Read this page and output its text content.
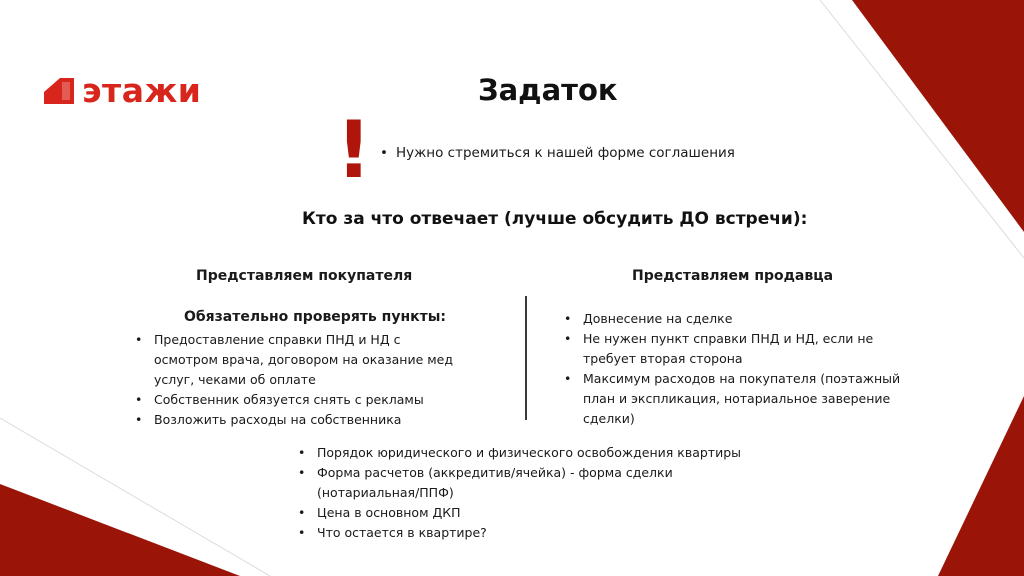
этажи	Задаток
! • Нужно стремиться к нашей форме соглашения
Кто за что отвечает (лучше обсудить ДО встречи):
Представляем покупателя	Представляем продавца
Обязательно проверять пункты:
• Предоставление справки ПНД и НД с осмотром врача, договором на оказание мед услуг, чеками об оплате
• Собственник обязуется снять с рекламы
• Возложить расходы на собственника
• Довнесение на сделке
• Не нужен пункт справки ПНД и НД, если не требует вторая сторона
• Максимум расходов на покупателя (поэтажный план и экспликация, нотариальное заверение сделки)
• Порядок юридического и физического освобождения квартиры
• Форма расчетов (аккредитив/ячейка) - форма сделки (нотариальная/ППФ)
• Цена в основном ДКП
• Что остается в квартире?
